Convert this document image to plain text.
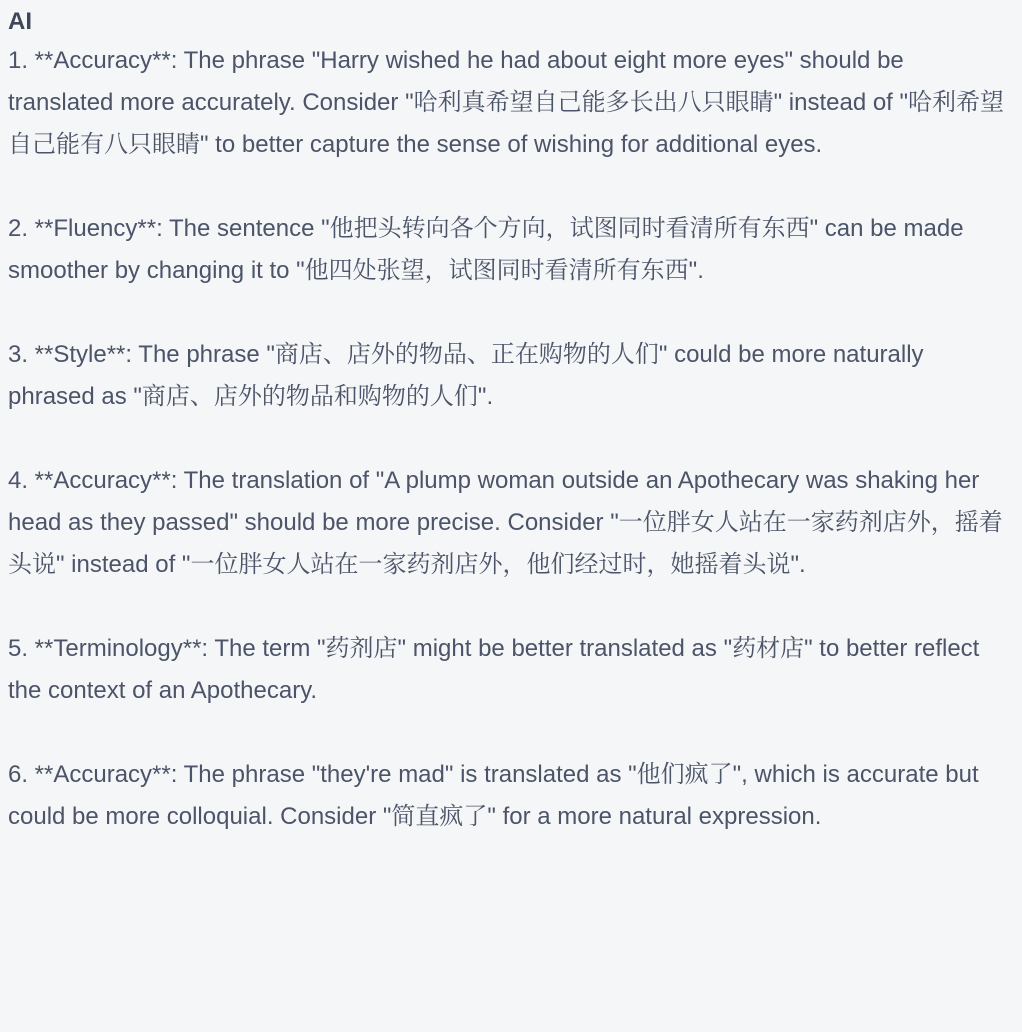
AI

1. **Accuracy**: The phrase "Harry wished he had about eight more eyes" should be translated more accurately. Consider "哈利真希望自己能多长出八只眼睛" instead of "哈利希望自己能有八只眼睛" to better capture the sense of wishing for additional eyes.

2. **Fluency**: The sentence "他把头转向各个方向，试图同时看清所有东西" can be made smoother by changing it to "他四处张望，试图同时看清所有东西".

3. **Style**: The phrase "商店、店外的物品、正在购物的人们" could be more naturally phrased as "商店、店外的物品和购物的人们".

4. **Accuracy**: The translation of "A plump woman outside an Apothecary was shaking her head as they passed" should be more precise. Consider "一位胖女人站在一家药剂店外，摇着头说" instead of "一位胖女人站在一家药剂店外，他们经过时，她摇着头说".

5. **Terminology**: The term "药剂店" might be better translated as "药材店" to better reflect the context of an Apothecary.

6. **Accuracy**: The phrase "they're mad" is translated as "他们疯了", which is accurate but could be more colloquial. Consider "简直疯了" for a more natural expression.
